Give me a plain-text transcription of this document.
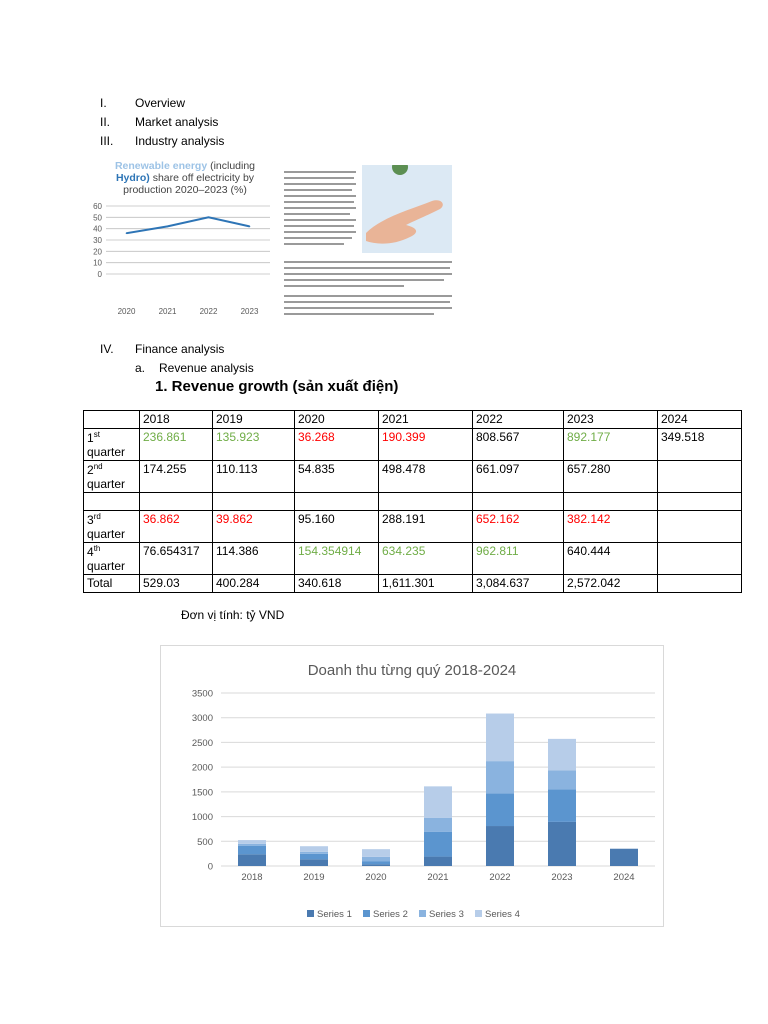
I.	Overview
II.	Market analysis
III.	Industry analysis
Renewable energy (including
Hydro) share off electricity by
production 2020–2023 (%)
0
10
20
30
40
50
60
2020	2021	2022	2023
IV.	Finance analysis
a.	Revenue analysis
1. Revenue growth (sản xuất điện)
	2018	2019	2020	2021	2022	2023	2024
1st
quarter	236.861	135.923	36.268	190.399	808.567	892.177	349.518
2nd
quarter	174.255	110.113	54.835	498.478	661.097	657.280	

3rd
quarter	36.862	39.862	95.160	288.191	652.162	382.142	
4th
quarter	76.654317	114.386	154.354914	634.235	962.811	640.444	
Total	529.03	400.284	340.618	1,611.301	3,084.637	2,572.042	
Đơn vị tính: tỷ VND
Doanh thu từng quý 2018-2024
0
500
1000
1500
2000
2500
3000
3500
2018	2019	2020	2021	2022	2023	2024
Series 1 Series 2 Series 3 Series 4
